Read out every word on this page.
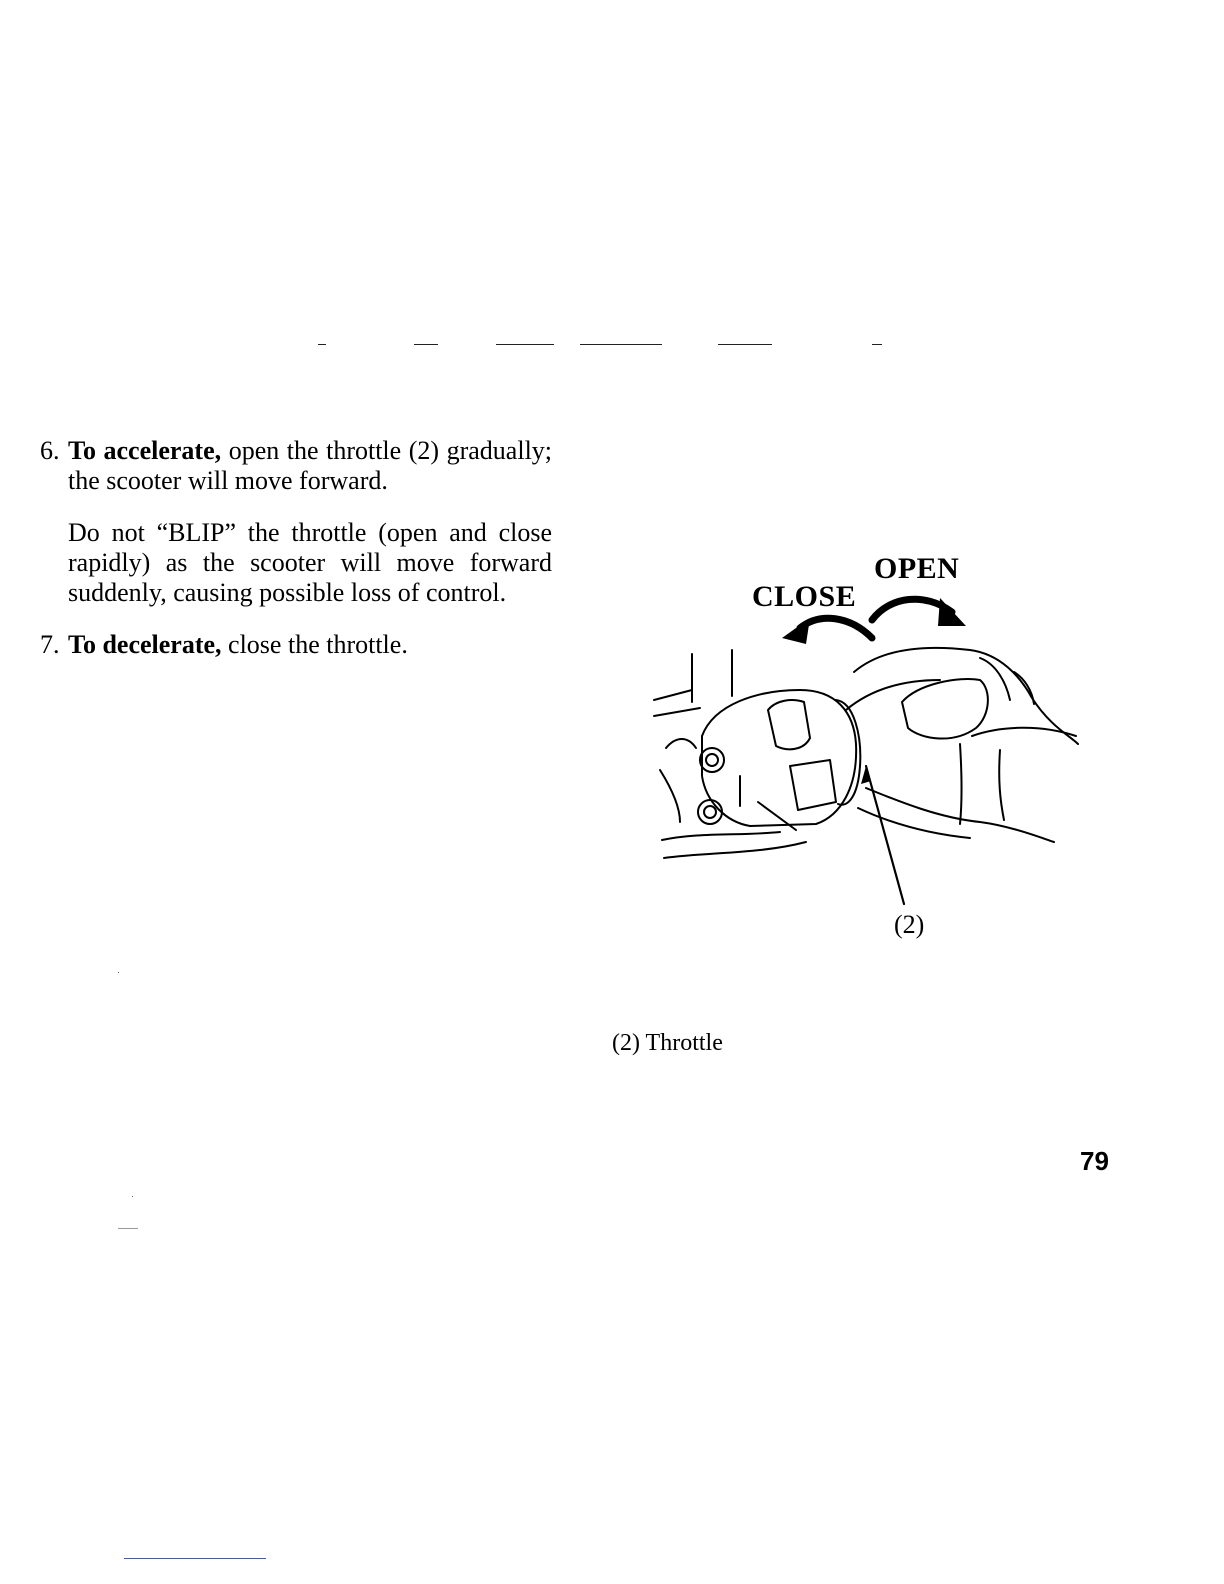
6. To accelerate, open the throttle (2) gradually; the scooter will move forward.

Do not “BLIP” the throttle (open and close rapidly) as the scooter will move forward suddenly, causing possible loss of control.

7. To decelerate, close the throttle.

OPEN
CLOSE
(2)
(2) Throttle
79
